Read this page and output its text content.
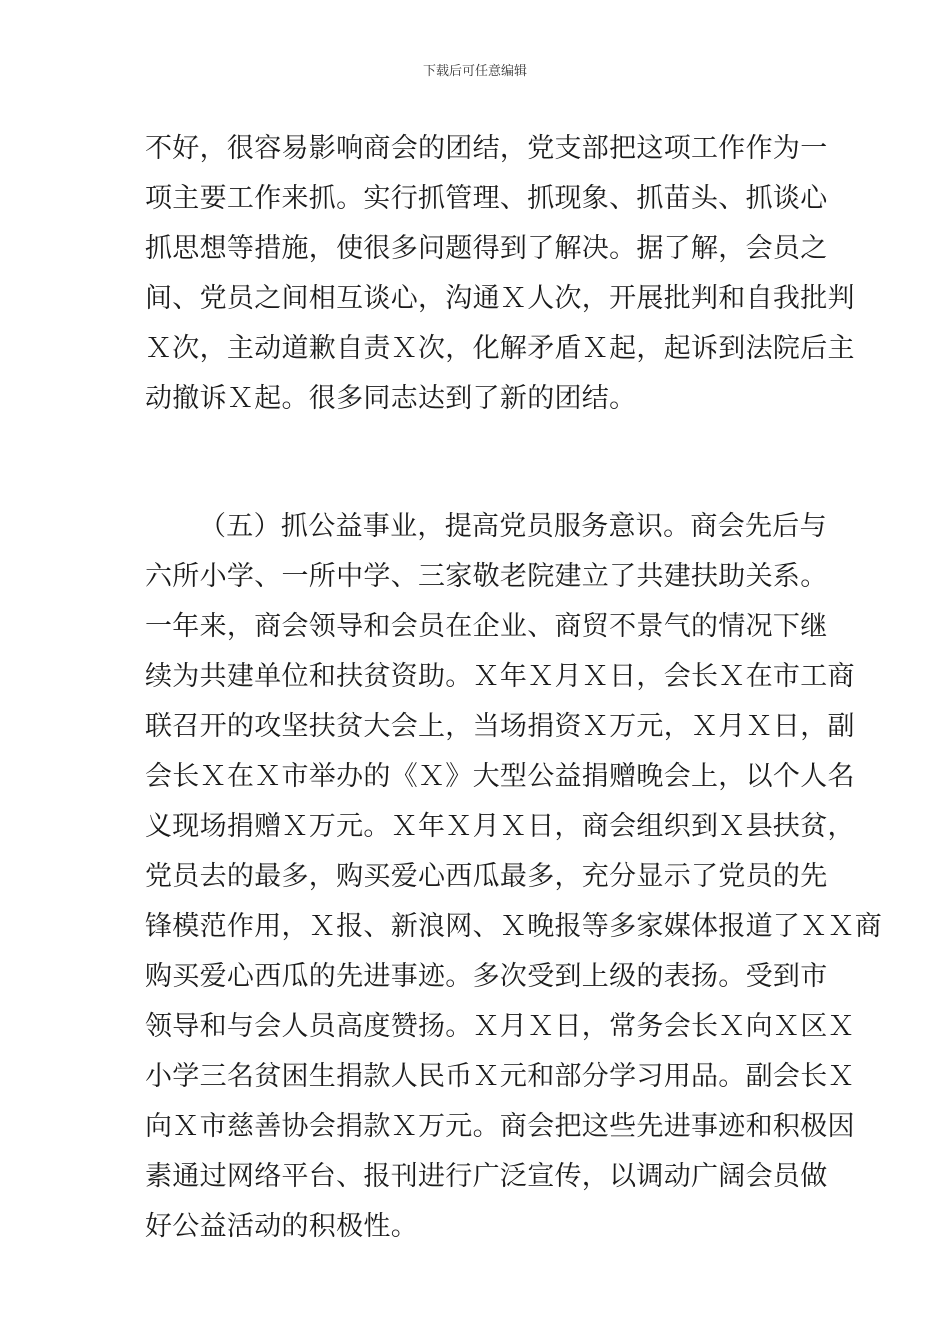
下载后可任意编辑
不好，很容易影响商会的团结，党支部把这项工作作为一
项主要工作来抓。实行抓管理、抓现象、抓苗头、抓谈心
抓思想等措施，使很多问题得到了解决。据了解，会员之
间、党员之间相互谈心，沟通Ｘ人次，开展批判和自我批判
Ｘ次，主动道歉自责Ｘ次，化解矛盾Ｘ起，起诉到法院后主
动撤诉Ｘ起。很多同志达到了新的团结。
（五）抓公益事业，提高党员服务意识。商会先后与
六所小学、一所中学、三家敬老院建立了共建扶助关系。
一年来，商会领导和会员在企业、商贸不景气的情况下继
续为共建单位和扶贫资助。Ｘ年Ｘ月Ｘ日，会长Ｘ在市工商
联召开的攻坚扶贫大会上，当场捐资Ｘ万元，Ｘ月Ｘ日，副
会长Ｘ在Ｘ市举办的《Ｘ》大型公益捐赠晚会上，以个人名
义现场捐赠Ｘ万元。Ｘ年Ｘ月Ｘ日，商会组织到Ｘ县扶贫，
党员去的最多，购买爱心西瓜最多，充分显示了党员的先
锋模范作用，Ｘ报、新浪网、Ｘ晚报等多家媒体报道了ＸＸ商
购买爱心西瓜的先进事迹。多次受到上级的表扬。受到市
领导和与会人员高度赞扬。Ｘ月Ｘ日，常务会长Ｘ向Ｘ区Ｘ
小学三名贫困生捐款人民币Ｘ元和部分学习用品。副会长Ｘ
向Ｘ市慈善协会捐款Ｘ万元。商会把这些先进事迹和积极因
素通过网络平台、报刊进行广泛宣传，以调动广阔会员做
好公益活动的积极性。
